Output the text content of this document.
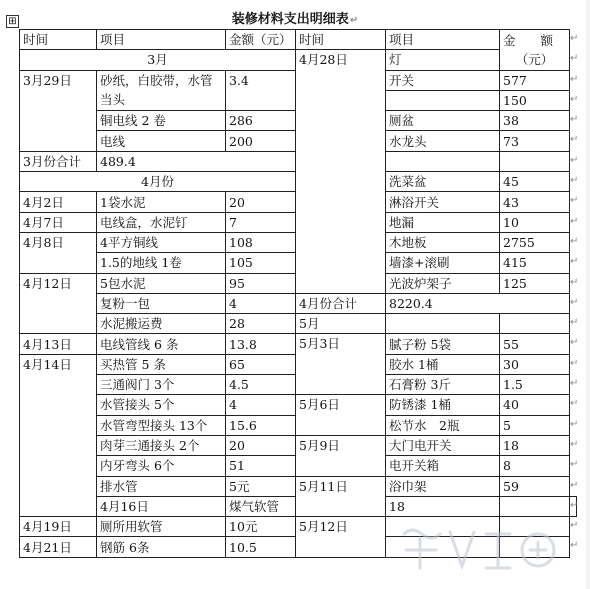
装修材料支出明细表↵
⊞
时间	项目	金额（元）	时间	项目	金　　额
（元）	

3月			4月28日	灯		
3月29日	砂纸，白胶带，水管当头	3.4		开关	577	
					150	
	铜电线 2 卷	286		厕盆	38	
	电线	200		水龙头	73	
3月份合计	489.4					
4月份				洗菜盆	45	
4月2日	1袋水泥	20		淋浴开关	43	
4月7日	电线盒，水泥钉	7		地漏	10	
4月8日	4平方铜线	108		木地板	2755	
	1.5的地线 1卷	105		墙漆+滚刷	415	
4月12日	5包水泥	95		光波炉架子	125	
	复粉一包	4	4月份合计	8220.4		
	水泥搬运费	28	5月			
4月13日	电线管线 6 条	13.8	5月3日	腻子粉 5袋	55	
4月14日	买热管 5 条	65		胶水 1桶	30	
	三通阀门 3个	4.5		石膏粉 3斤	1.5	
	水管接头 5个	4	5月6日	防锈漆 1桶	40	
	水管弯型接头 13个	15.6		松节水　2瓶	5	
	肉芽三通接头 2个	20	5月9日	大门电开关	18	
	内牙弯头 6个	51		电开关箱	8	
	排水管	5元	5月11日	浴巾架	59	
	4月16日	煤气软管		18		
4月19日	厕所用软管	10元	5月12日			
4月21日	钢筋 6条	10.5				
↵
↵
↵
↵
↵
↵
↵
↵
↵
↵
↵
↵
↵
↵
↵
↵
↵
↵
↵
↵
↵
↵
↵
↵
↵
↵
